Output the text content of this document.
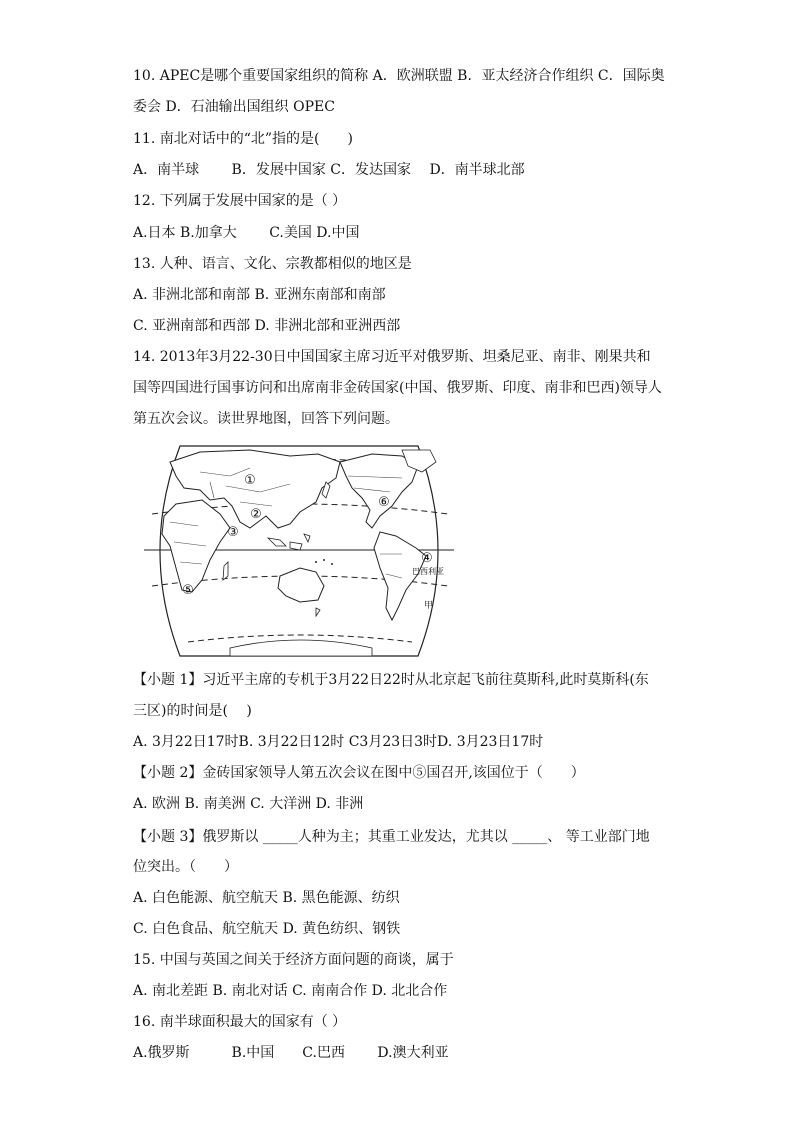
10. APEC是哪个重要国家组织的简称 A．欧洲联盟 B．亚太经济合作组织 C．国际奥
委会 D．石油输出国组织 OPEC
11. 南北对话中的“北”指的是(　　)
A．南半球　　 B．发展中国家 C．发达国家　 D．南半球北部
12. 下列属于发展中国家的是（ ）
A.日本 B.加拿大　　 C.美国 D.中国
13. 人种、语言、文化、宗教都相似的地区是
A. 非洲北部和南部 B. 亚洲东南部和南部
C. 亚洲南部和西部 D. 非洲北部和亚洲西部
14. 2013年3月22-30日中国国家主席习近平对俄罗斯、坦桑尼亚、南非、刚果共和
国等四国进行国事访问和出席南非金砖国家(中国、俄罗斯、印度、南非和巴西)领导人
第五次会议。读世界地图，回答下列问题。
【小题 1】习近平主席的专机于3月22日22时从北京起飞前往莫斯科,此时莫斯科(东
三区)的时间是(　 )
A. 3月22日17时B. 3月22日12时 C3月23日3时D. 3月23日17时
【小题 2】金砖国家领导人第五次会议在图中⑤国召开,该国位于（　　）
A. 欧洲 B. 南美洲 C. 大洋洲 D. 非洲
【小题 3】俄罗斯以 _____人种为主；其重工业发达，尤其以 _____、 等工业部门地
位突出。（　　）
A. 白色能源、航空航天 B. 黑色能源、纺织
C. 白色食品、航空航天 D. 黄色纺织、钢铁
15. 中国与英国之间关于经济方面问题的商谈，属于
A. 南北差距 B. 南北对话 C. 南南合作 D. 北北合作
16. 南半球面积最大的国家有（ ）
A.俄罗斯　　　B.中国　　C.巴西　　 D.澳大利亚
①
②
③
⑥
④
⑤
巴西利亚
甲
